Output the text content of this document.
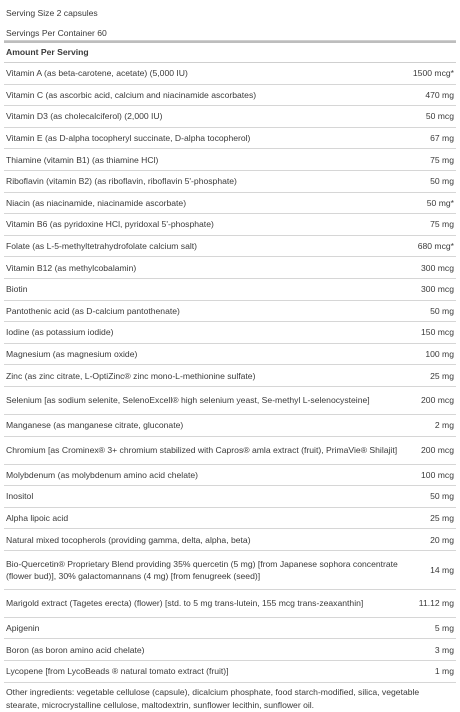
Serving Size 2 capsules
Servings Per Container 60
Amount Per Serving
Vitamin A (as beta-carotene, acetate) (5,000 IU)	1500 mcg*
Vitamin C (as ascorbic acid, calcium and niacinamide ascorbates)	470 mg
Vitamin D3 (as cholecalciferol) (2,000 IU)	50 mcg
Vitamin E (as D-alpha tocopheryl succinate, D-alpha tocopherol)	67 mg
Thiamine (vitamin B1) (as thiamine HCl)	75 mg
Riboflavin (vitamin B2) (as riboflavin, riboflavin 5'-phosphate)	50 mg
Niacin (as niacinamide, niacinamide ascorbate)	50 mg*
Vitamin B6 (as pyridoxine HCl, pyridoxal 5'-phosphate)	75 mg
Folate (as L-5-methyltetrahydrofolate calcium salt)	680 mcg*
Vitamin B12 (as methylcobalamin)	300 mcg
Biotin	300 mcg
Pantothenic acid (as D-calcium pantothenate)	50 mg
Iodine (as potassium iodide)	150 mcg
Magnesium (as magnesium oxide)	100 mg
Zinc (as zinc citrate, L-OptiZinc® zinc mono-L-methionine sulfate)	25 mg
Selenium [as sodium selenite, SelenoExcell® high selenium yeast, Se-methyl L-selenocysteine]	200 mcg
Manganese (as manganese citrate, gluconate)	2 mg
Chromium [as Crominex® 3+ chromium stabilized with Capros® amla extract (fruit), PrimaVie® Shilajit]	200 mcg
Molybdenum (as molybdenum amino acid chelate)	100 mcg
Inositol	50 mg
Alpha lipoic acid	25 mg
Natural mixed tocopherols (providing gamma, delta, alpha, beta)	20 mg
Bio-Quercetin® Proprietary Blend providing 35% quercetin (5 mg) [from Japanese sophora concentrate (flower bud)], 30% galactomannans (4 mg) [from fenugreek (seed)]
14 mg
Marigold extract (Tagetes erecta) (flower) [std. to 5 mg trans-lutein, 155 mcg trans-zeaxanthin]	11.12 mg
Apigenin	5 mg
Boron (as boron amino acid chelate)	3 mg
Lycopene [from LycoBeads ® natural tomato extract (fruit)]	1 mg
Other ingredients: vegetable cellulose (capsule), dicalcium phosphate, food starch-modified, silica, vegetable stearate, microcrystalline cellulose, maltodextrin, sunflower lecithin, sunflower oil.
